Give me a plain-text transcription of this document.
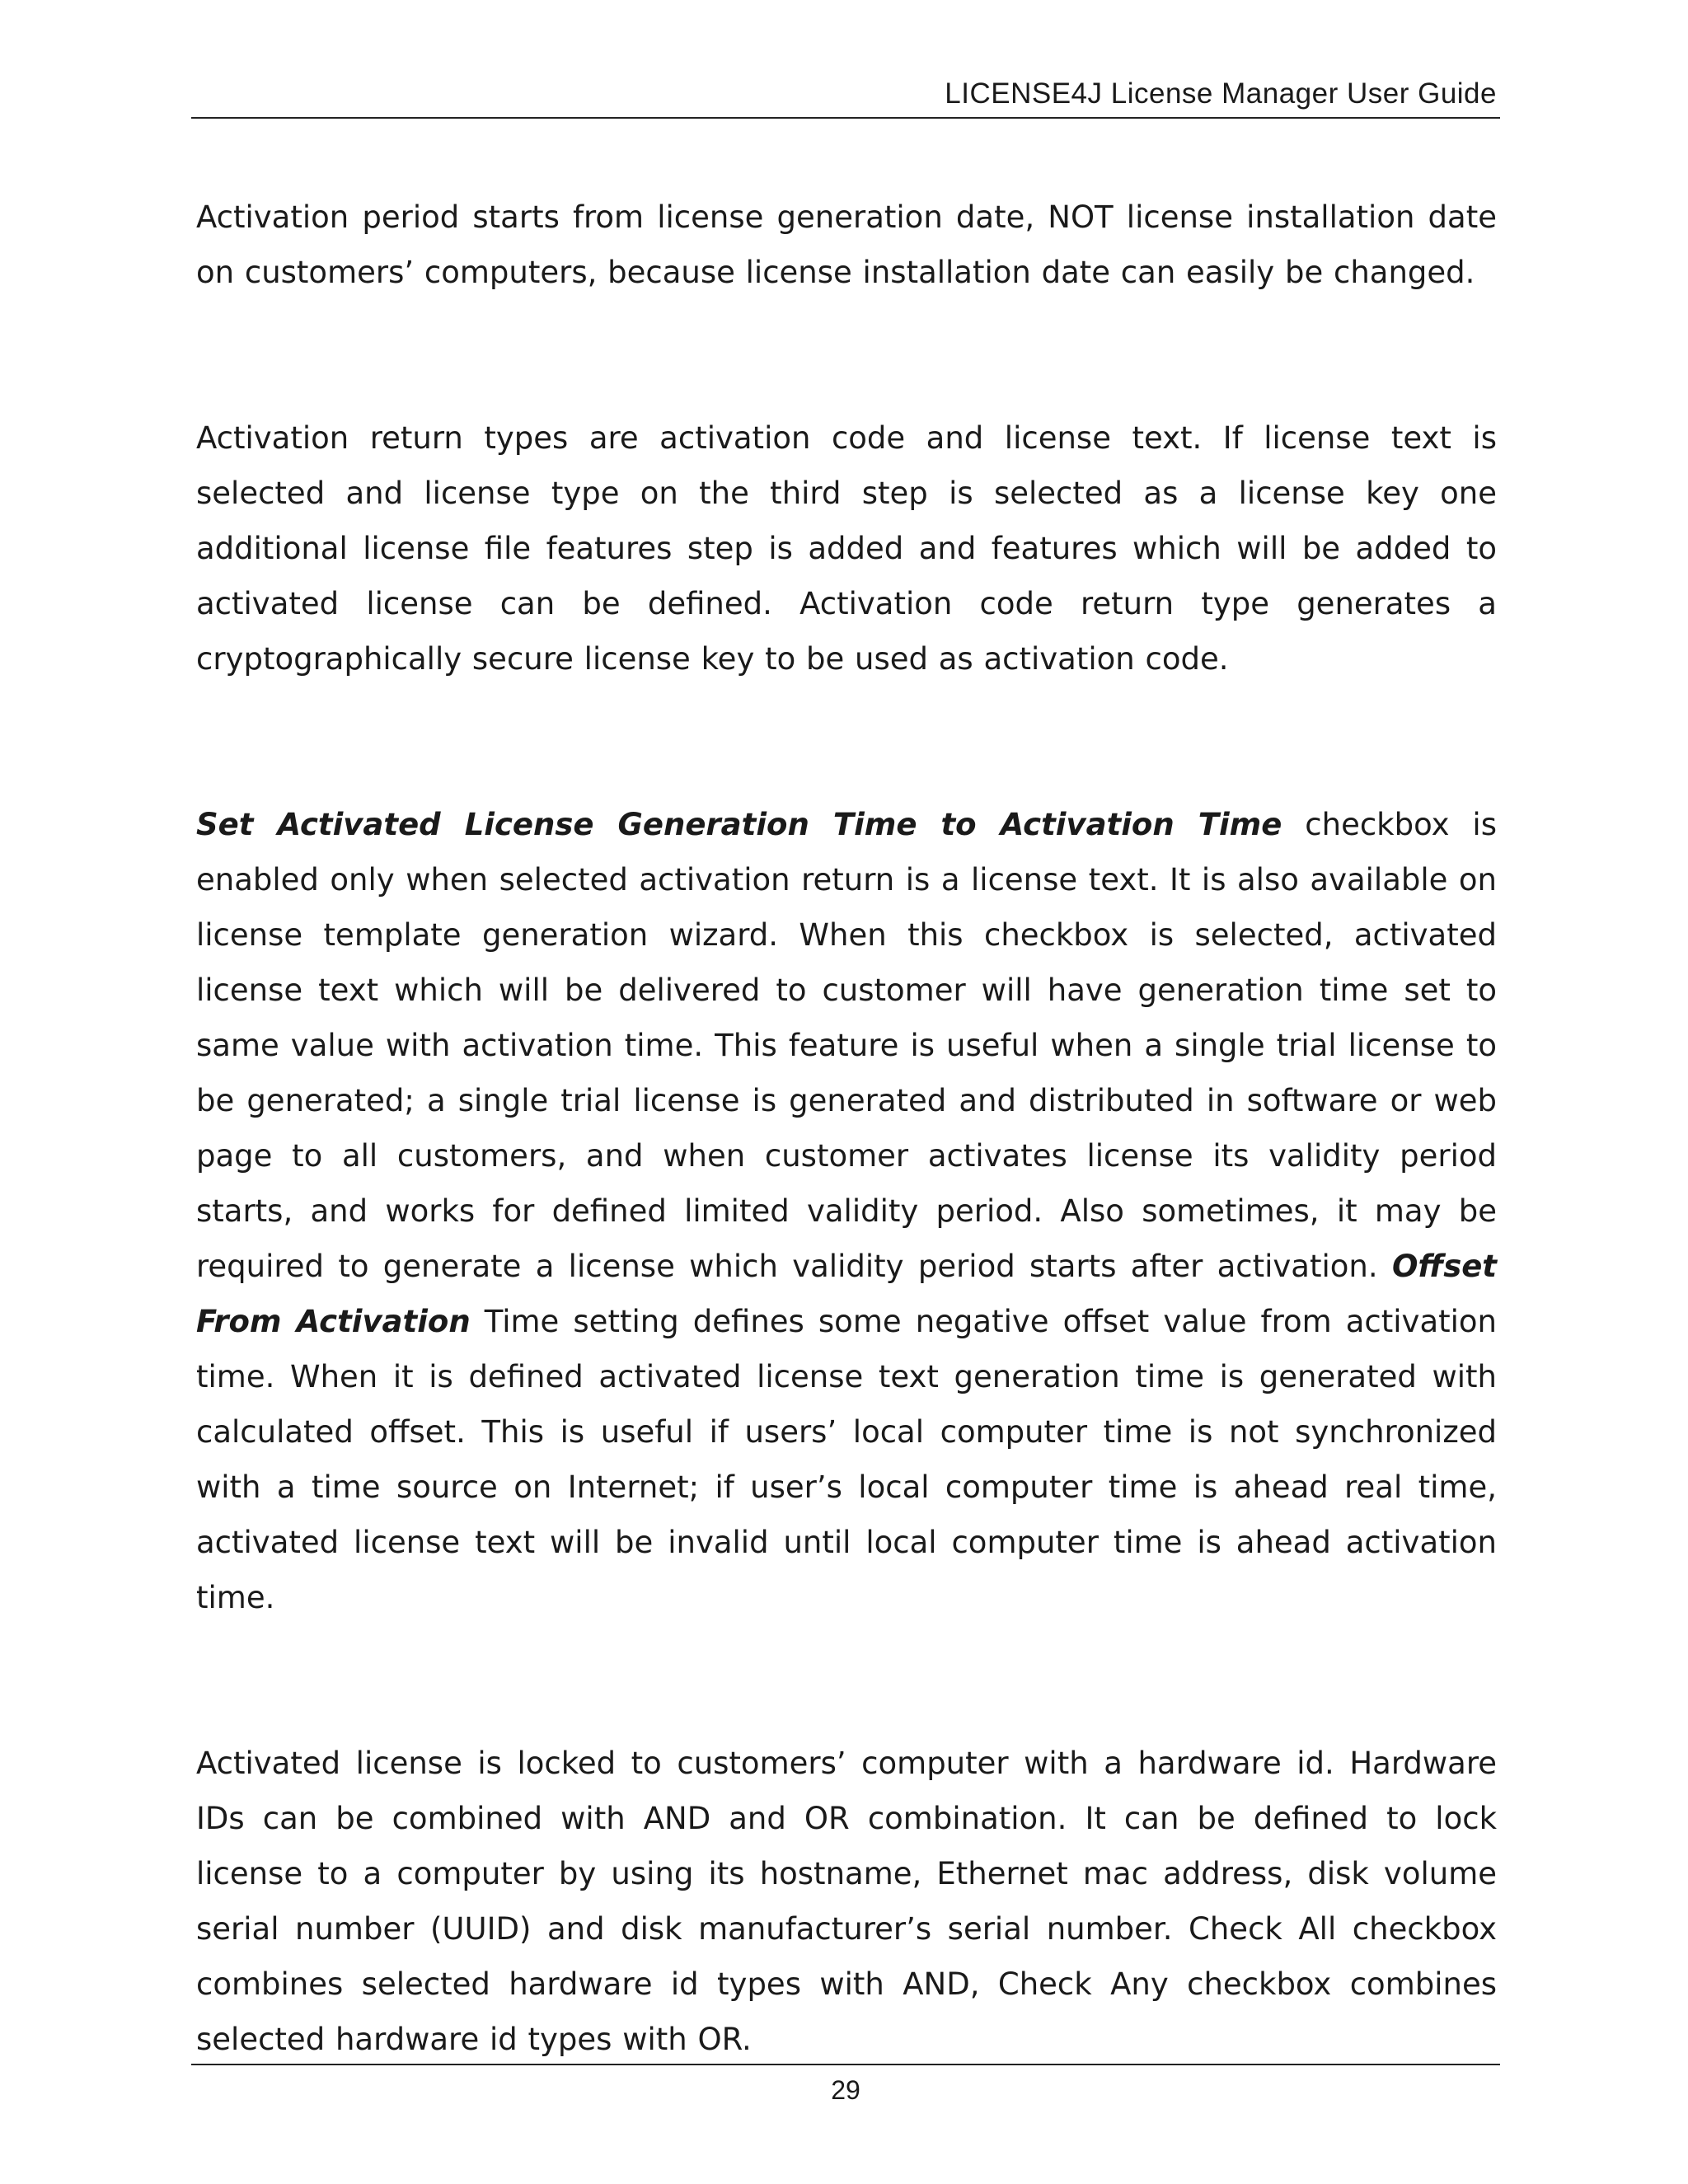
LICENSE4J License Manager User Guide

Activation period starts from license generation date, NOT license installation date on customers’ computers, because license installation date can easily be changed.

Activation return types are activation code and license text. If license text is selected and license type on the third step is selected as a license key one additional license file features step is added and features which will be added to activated license can be defined. Activation code return type generates a cryptographically secure license key to be used as activation code.

Set Activated License Generation Time to Activation Time checkbox is enabled only when selected activation return is a license text. It is also available on license template generation wizard. When this checkbox is selected, activated license text which will be delivered to customer will have generation time set to same value with activation time. This feature is useful when a single trial license to be generated; a single trial license is generated and distributed in software or web page to all customers, and when customer activates license its validity period starts, and works for defined limited validity period. Also sometimes, it may be required to generate a license which validity period starts after activation. Offset From Activation Time setting defines some negative offset value from activation time. When it is defined activated license text generation time is generated with calculated offset. This is useful if users’ local computer time is not synchronized with a time source on Internet; if user’s local computer time is ahead real time, activated license text will be invalid until local computer time is ahead activation time.

Activated license is locked to customers’ computer with a hardware id. Hardware IDs can be combined with AND and OR combination. It can be defined to lock license to a computer by using its hostname, Ethernet mac address, disk volume serial number (UUID) and disk manufacturer’s serial number. Check All checkbox combines selected hardware id types with AND, Check Any checkbox combines selected hardware id types with OR.

29
